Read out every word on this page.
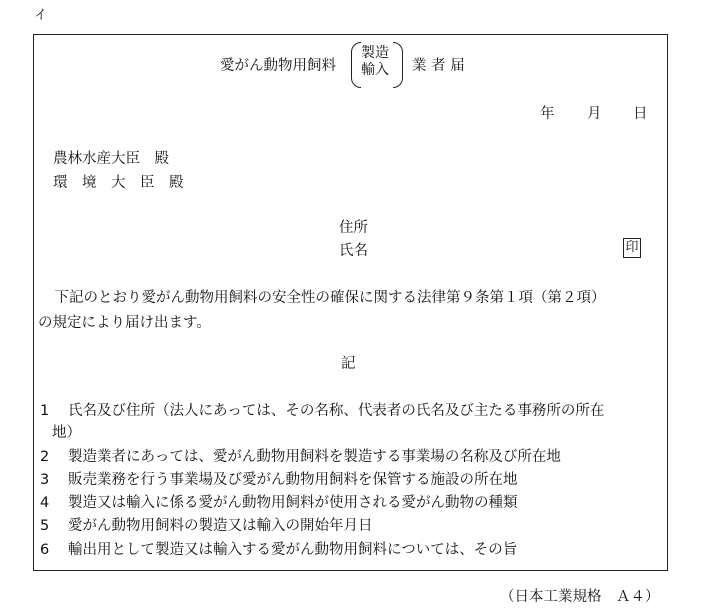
イ
愛がん動物用飼料
製造
輸入 業 者 届
年 月 日
農林水産大臣　殿
環　境　大　臣　殿
住所
氏名	印
　下記のとおり愛がん動物用飼料の安全性の確保に関する法律第９条第１項（第２項）
の規定により届け出ます。
記
1 氏名及び住所（法人にあっては、その名称、代表者の氏名及び主たる事務所の所在
地）
2 製造業者にあっては、愛がん動物用飼料を製造する事業場の名称及び所在地
3 販売業務を行う事業場及び愛がん動物用飼料を保管する施設の所在地
4 製造又は輸入に係る愛がん動物用飼料が使用される愛がん動物の種類
5 愛がん動物用飼料の製造又は輸入の開始年月日
6 輸出用として製造又は輸入する愛がん動物用飼料については、その旨
（日本工業規格　Ａ４）
